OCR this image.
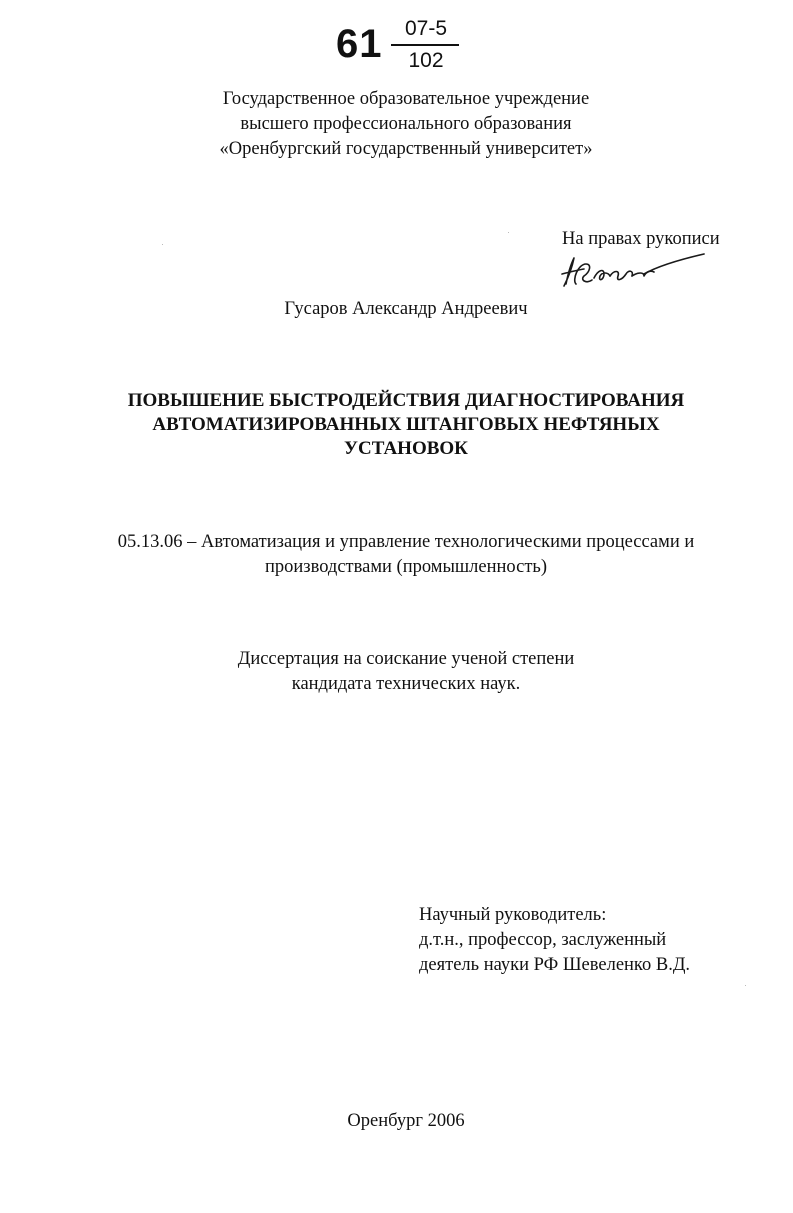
61	07-5
102
Государственное образовательное учреждение
высшего профессионального образования
«Оренбургский государственный университет»
На правах рукописи
Гусаров Александр Андреевич
ПОВЫШЕНИЕ БЫСТРОДЕЙСТВИЯ ДИАГНОСТИРОВАНИЯ
АВТОМАТИЗИРОВАННЫХ ШТАНГОВЫХ НЕФТЯНЫХ
УСТАНОВОК
05.13.06 – Автоматизация и управление технологическими процессами и
производствами (промышленность)
Диссертация на соискание ученой степени
кандидата технических наук.
Научный руководитель:
д.т.н., профессор, заслуженный
деятель науки РФ Шевеленко В.Д.
Оренбург 2006
